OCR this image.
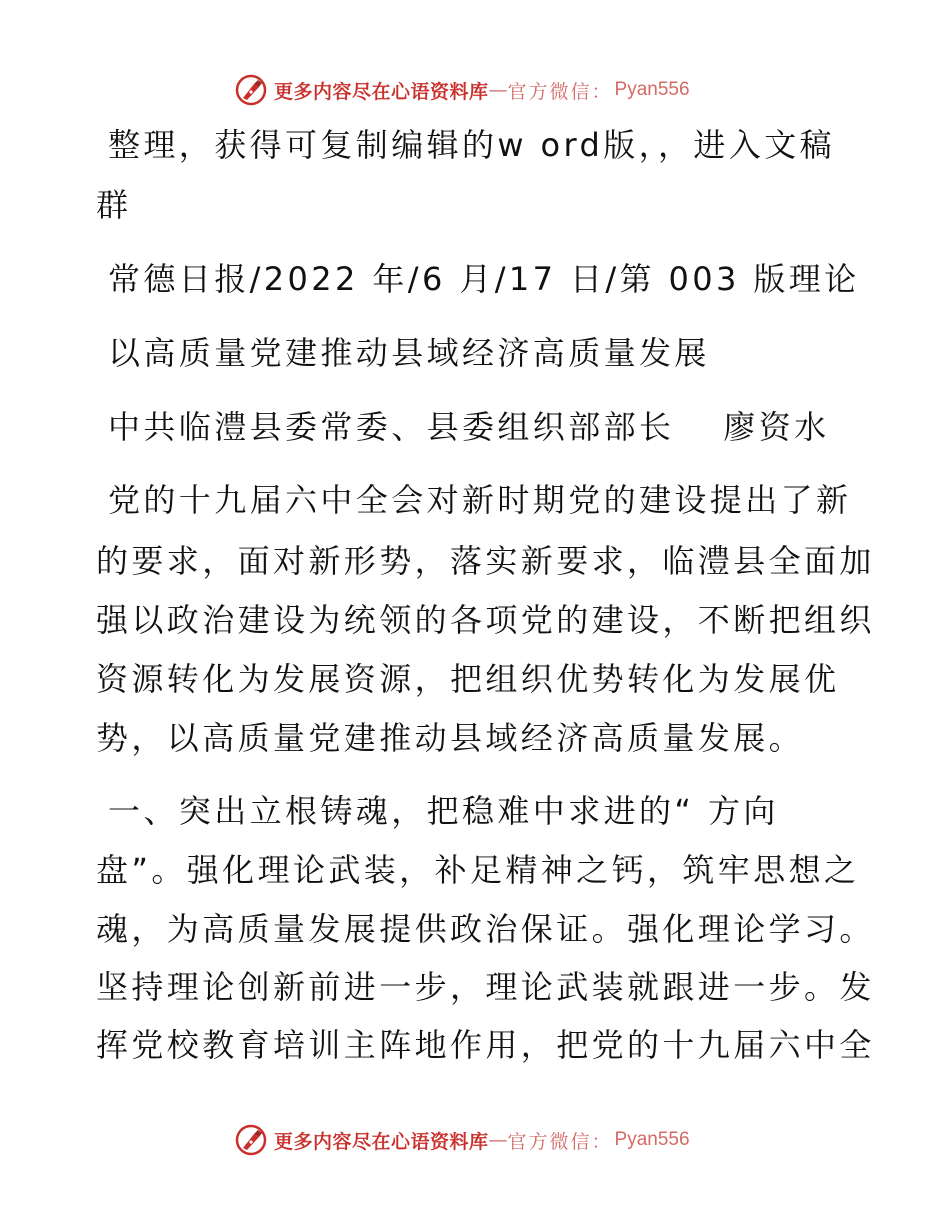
更多内容尽在心语资料库 — 官方微信： Pyan556
整理，获得可复制编辑的w ord版，，进入文稿
群
常德日报/2022 年/6 月/17 日/第 003 版理论
以高质量党建推动县域经济高质量发展
中共临澧县委常委、县委组织部部长　 廖资水
党的十九届六中全会对新时期党的建设提出了新
的要求，面对新形势，落实新要求，临澧县全面加
强以政治建设为统领的各项党的建设，不断把组织
资源转化为发展资源，把组织优势转化为发展优
势，以高质量党建推动县域经济高质量发展。
一、突出立根铸魂，把稳难中求进的“ 方向
盘”。强化理论武装，补足精神之钙，筑牢思想之
魂，为高质量发展提供政治保证。强化理论学习。
坚持理论创新前进一步，理论武装就跟进一步。发
挥党校教育培训主阵地作用，把党的十九届六中全
更多内容尽在心语资料库 — 官方微信： Pyan556
